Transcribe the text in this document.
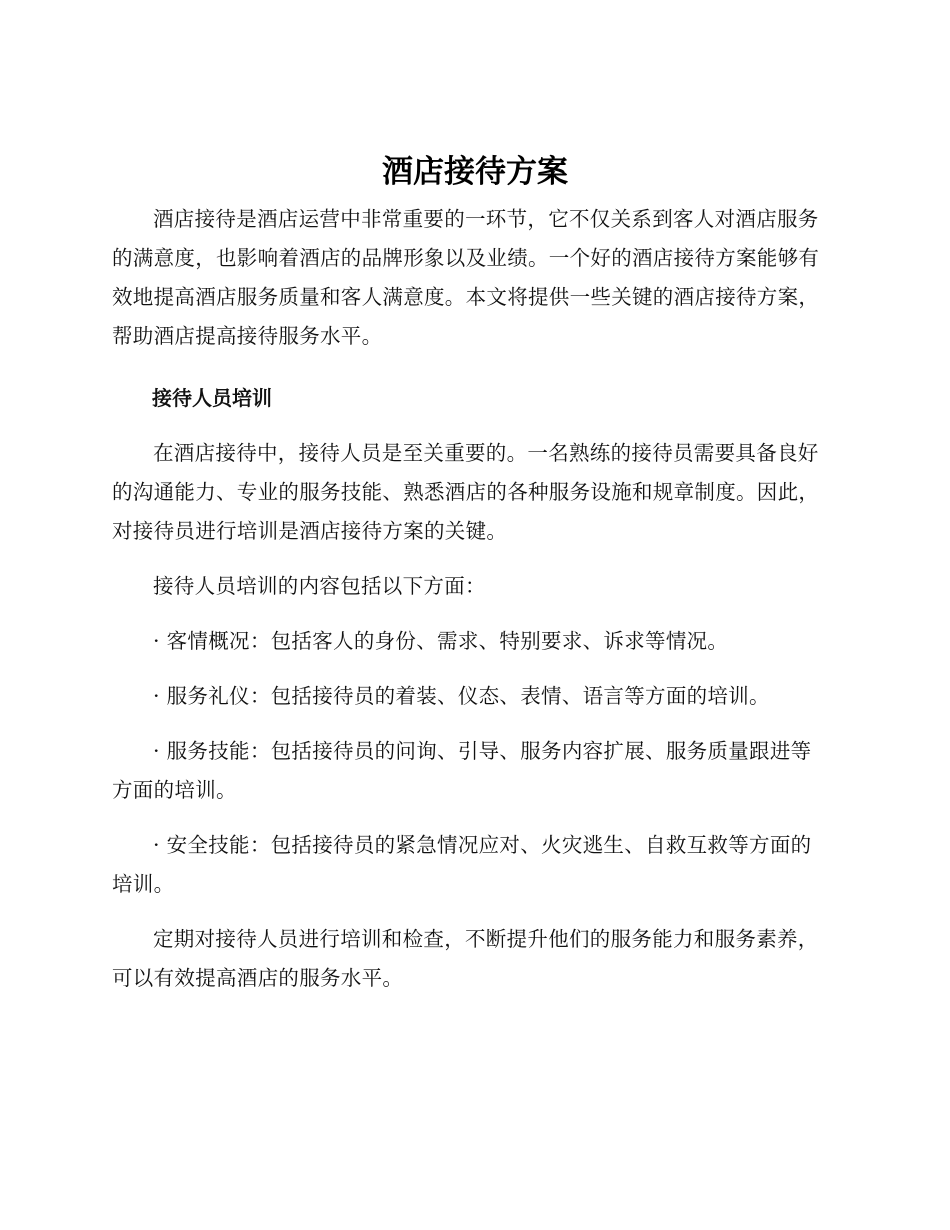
酒店接待方案

酒店接待是酒店运营中非常重要的一环节，它不仅关系到客人对酒店服务的满意度，也影响着酒店的品牌形象以及业绩。一个好的酒店接待方案能够有效地提高酒店服务质量和客人满意度。本文将提供一些关键的酒店接待方案，帮助酒店提高接待服务水平。

接待人员培训

在酒店接待中，接待人员是至关重要的。一名熟练的接待员需要具备良好的沟通能力、专业的服务技能、熟悉酒店的各种服务设施和规章制度。因此，对接待员进行培训是酒店接待方案的关键。

接待人员培训的内容包括以下方面：

· 客情概况：包括客人的身份、需求、特别要求、诉求等情况。

· 服务礼仪：包括接待员的着装、仪态、表情、语言等方面的培训。

· 服务技能：包括接待员的问询、引导、服务内容扩展、服务质量跟进等方面的培训。

· 安全技能：包括接待员的紧急情况应对、火灾逃生、自救互救等方面的培训。

定期对接待人员进行培训和检查，不断提升他们的服务能力和服务素养，可以有效提高酒店的服务水平。
